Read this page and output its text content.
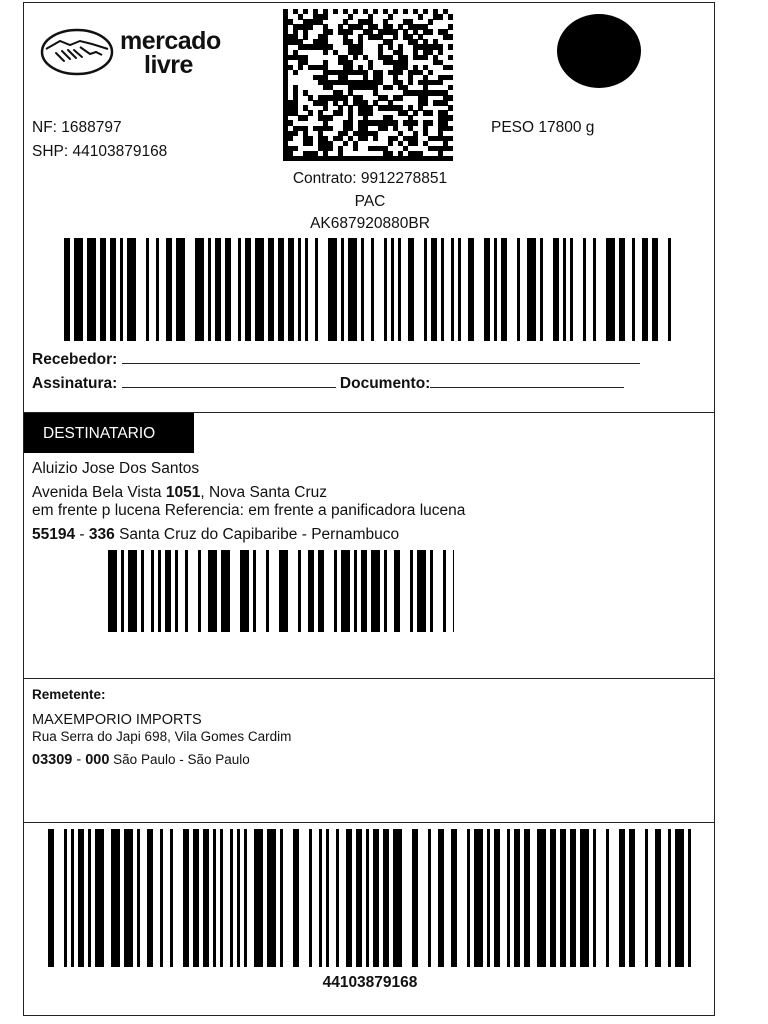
mercado
livre
NF: 1688797
SHP: 44103879168
PESO 17800 g
Contrato: 9912278851
PAC
AK687920880BR
Recebedor:
Assinatura:	Documento:
DESTINATARIO
Aluizio Jose Dos Santos
Avenida Bela Vista 1051, Nova Santa Cruz
em frente p lucena Referencia: em frente a panificadora lucena
55194 - 336 Santa Cruz do Capibaribe - Pernambuco
Remetente:
MAXEMPORIO IMPORTS
Rua Serra do Japi 698, Vila Gomes Cardim
03309 - 000 São Paulo - São Paulo
44103879168
